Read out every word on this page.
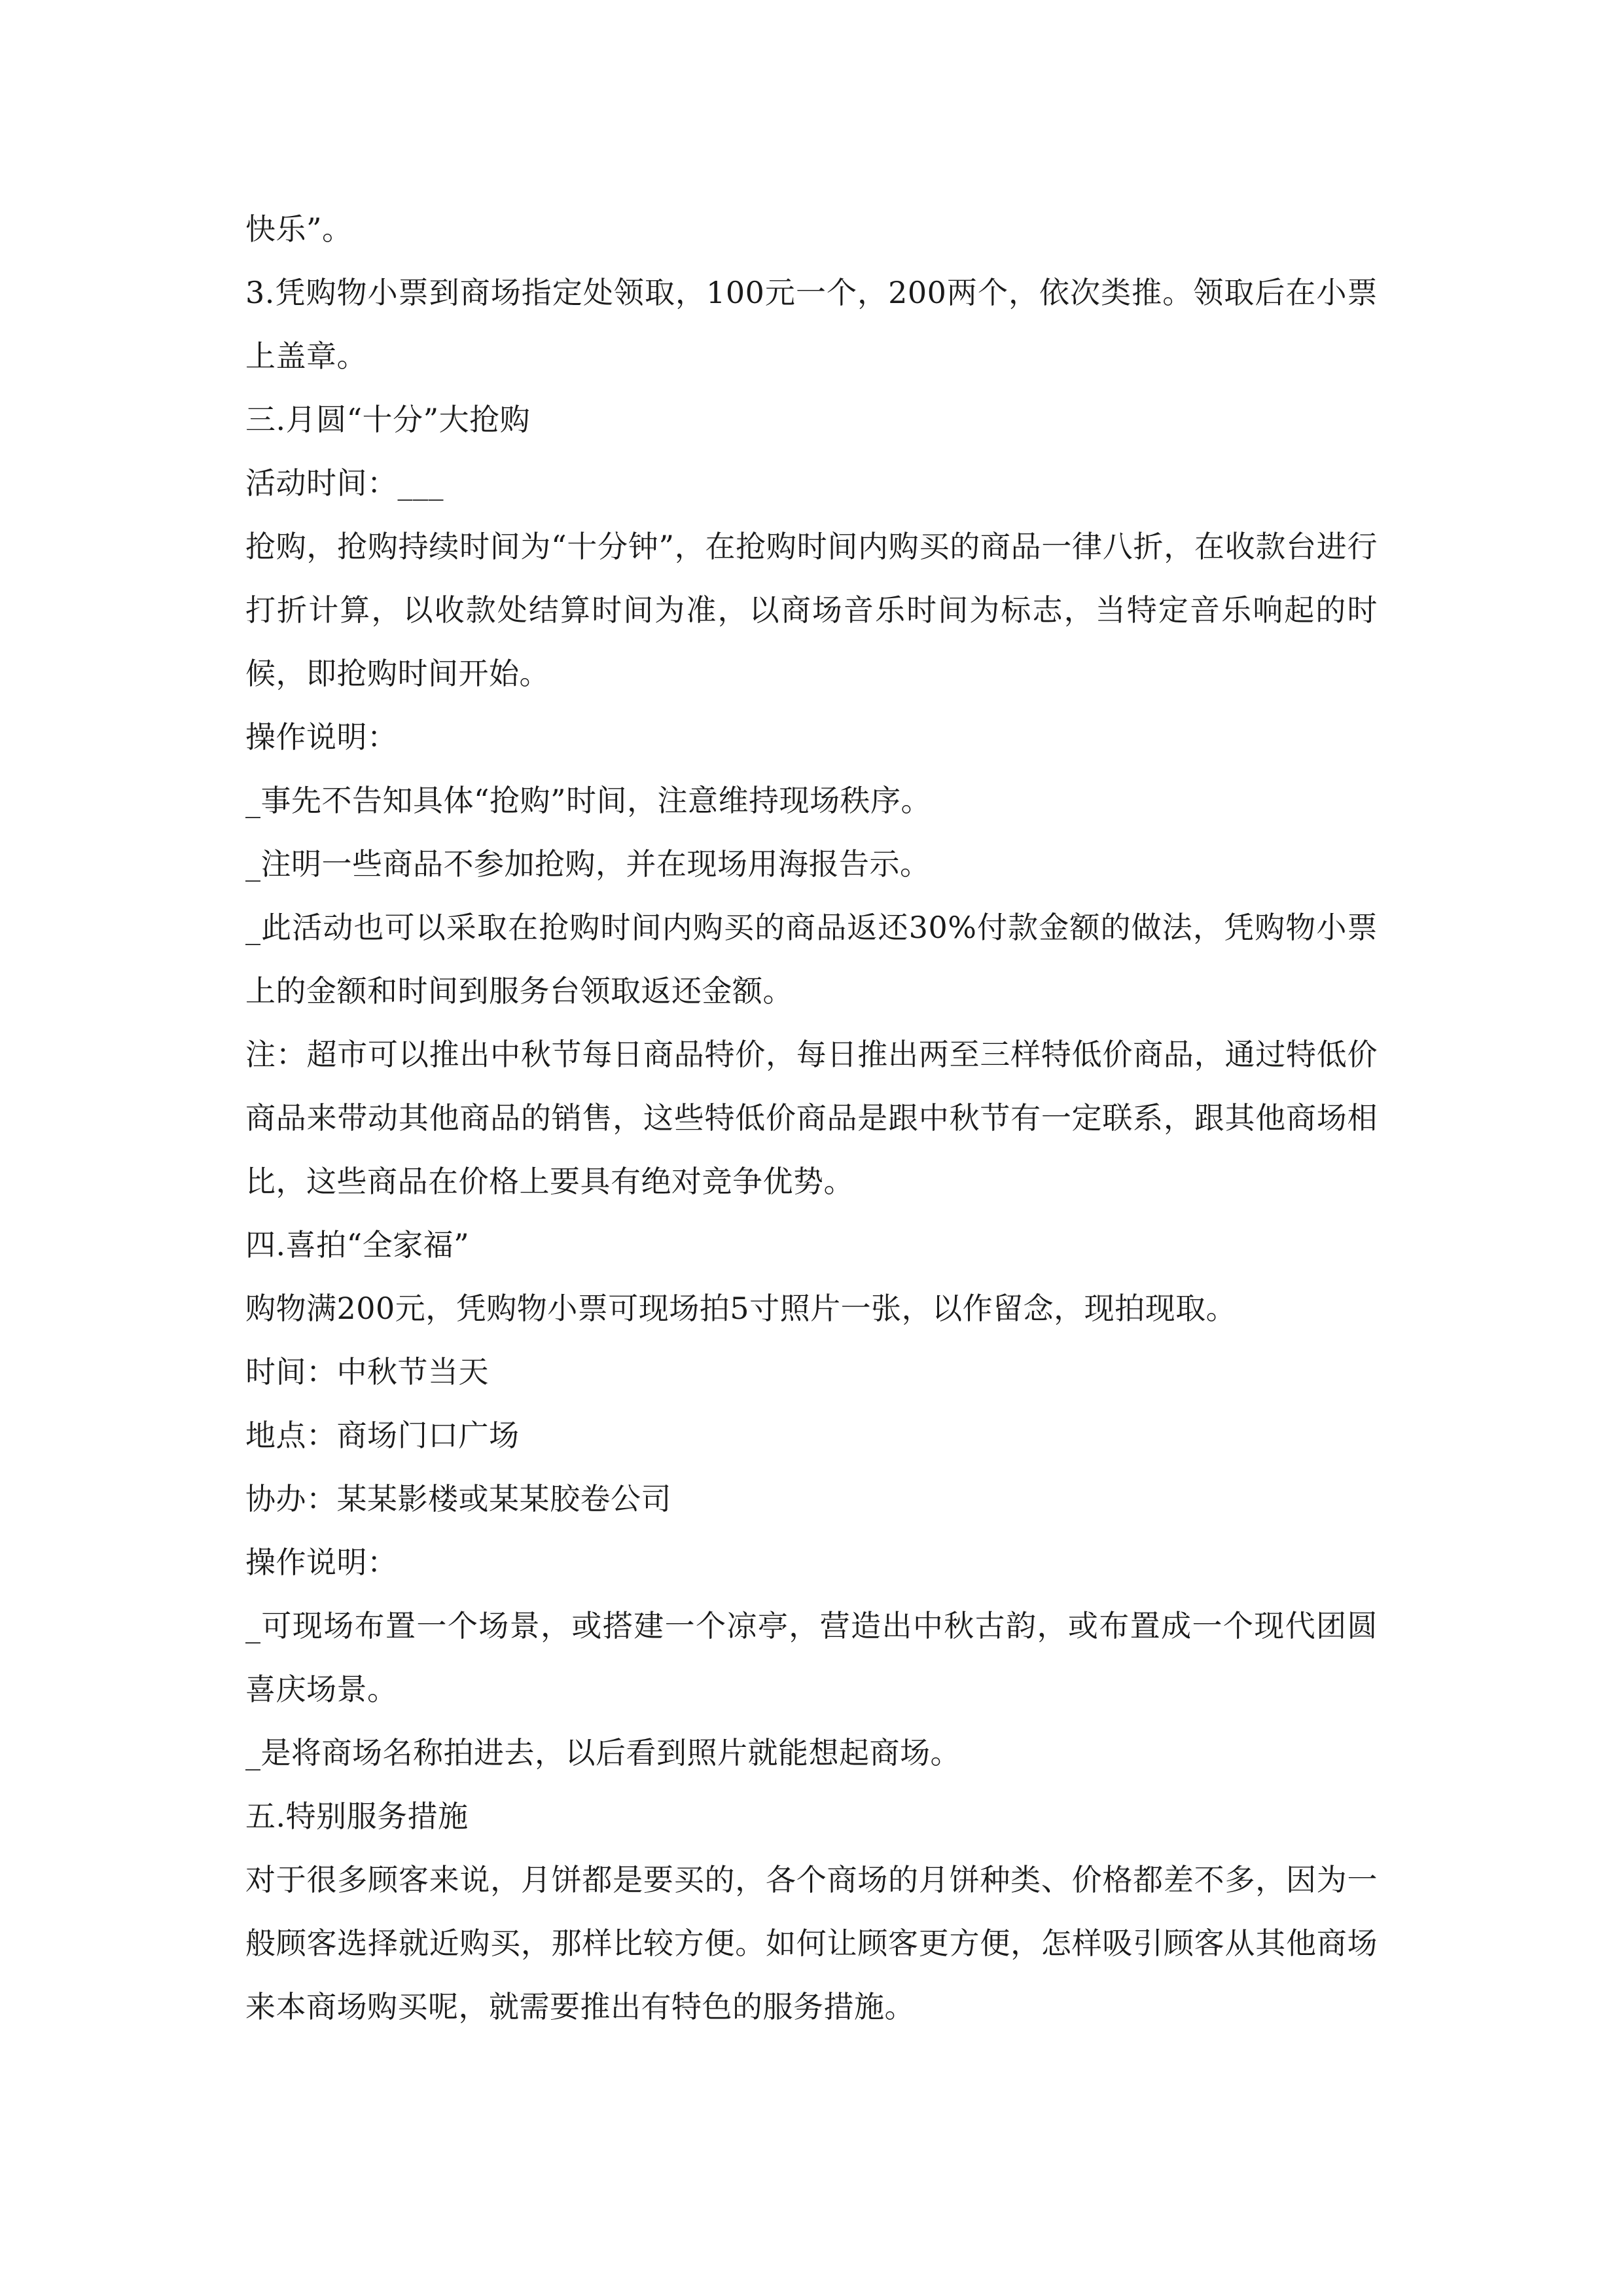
快乐”。

3.凭购物小票到商场指定处领取，100元一个，200两个，依次类推。领取后在小票上盖章。

三.月圆“十分”大抢购

活动时间：___

抢购，抢购持续时间为“十分钟”，在抢购时间内购买的商品一律八折，在收款台进行打折计算，以收款处结算时间为准，以商场音乐时间为标志，当特定音乐响起的时候，即抢购时间开始。

操作说明：

_事先不告知具体“抢购”时间，注意维持现场秩序。

_注明一些商品不参加抢购，并在现场用海报告示。

_此活动也可以采取在抢购时间内购买的商品返还30%付款金额的做法，凭购物小票上的金额和时间到服务台领取返还金额。

注：超市可以推出中秋节每日商品特价，每日推出两至三样特低价商品，通过特低价商品来带动其他商品的销售，这些特低价商品是跟中秋节有一定联系，跟其他商场相比，这些商品在价格上要具有绝对竞争优势。

四.喜拍“全家福”

购物满200元，凭购物小票可现场拍5寸照片一张，以作留念，现拍现取。

时间：中秋节当天

地点：商场门口广场

协办：某某影楼或某某胶卷公司

操作说明：

_可现场布置一个场景，或搭建一个凉亭，营造出中秋古韵，或布置成一个现代团圆喜庆场景。

_是将商场名称拍进去，以后看到照片就能想起商场。

五.特别服务措施

对于很多顾客来说，月饼都是要买的，各个商场的月饼种类、价格都差不多，因为一般顾客选择就近购买，那样比较方便。如何让顾客更方便，怎样吸引顾客从其他商场来本商场购买呢，就需要推出有特色的服务措施。
